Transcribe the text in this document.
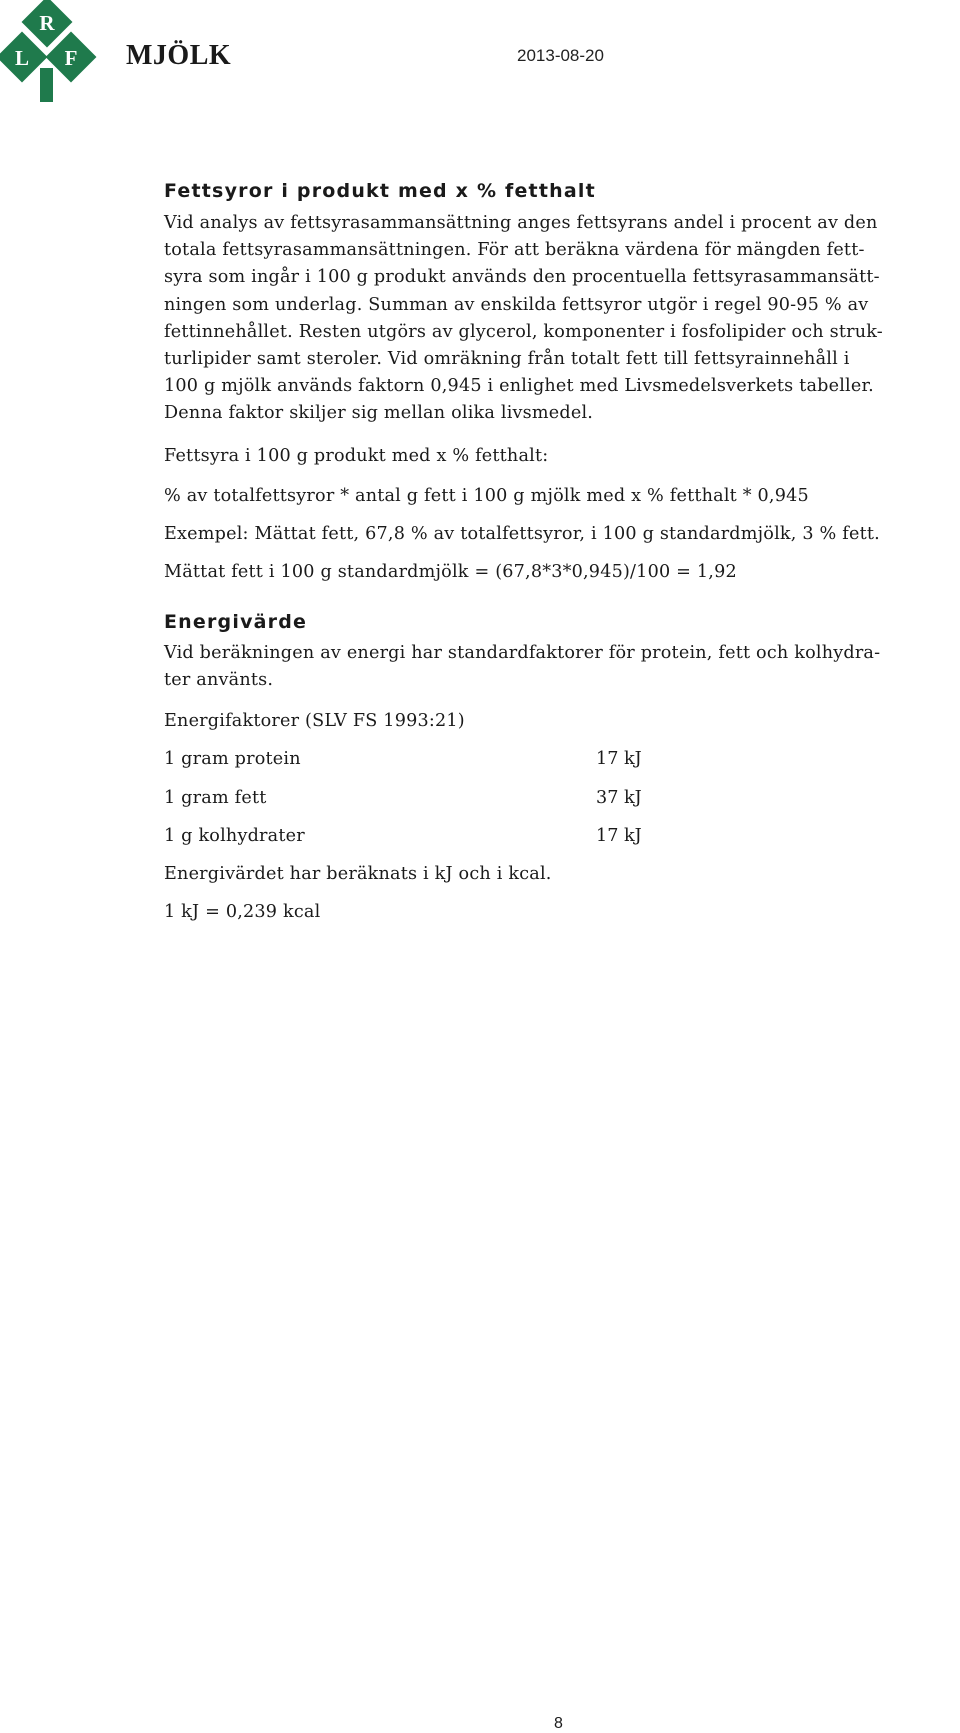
R
L F MJÖLK	2013-08-20
Fettsyror i produkt med x % fetthalt
Vid analys av fettsyrasammansättning anges fettsyrans andel i procent av den
totala fettsyrasammansättningen. För att beräkna värdena för mängden fett-
syra som ingår i 100 g produkt används den procentuella fettsyrasammansätt-
ningen som underlag. Summan av enskilda fettsyror utgör i regel 90-95 % av
fettinnehållet. Resten utgörs av glycerol, komponenter i fosfolipider och struk-
turlipider samt steroler. Vid omräkning från totalt fett till fettsyrainnehåll i
100 g mjölk används faktorn 0,945 i enlighet med Livsmedelsverkets tabeller.
Denna faktor skiljer sig mellan olika livsmedel.

Fettsyra i 100 g produkt med x % fetthalt:

% av totalfettsyror * antal g fett i 100 g mjölk med x % fetthalt * 0,945

Exempel: Mättat fett, 67,8 % av totalfettsyror, i 100 g standardmjölk, 3 % fett.

Mättat fett i 100 g standardmjölk = (67,8*3*0,945)/100 = 1,92

Energivärde
Vid beräkningen av energi har standardfaktorer för protein, fett och kolhydra-
ter använts.

Energifaktorer (SLV FS 1993:21)

1 gram protein	17 kJ

1 gram fett	37 kJ

1 g kolhydrater	17 kJ

Energivärdet har beräknats i kJ och i kcal.

1 kJ = 0,239 kcal

8
